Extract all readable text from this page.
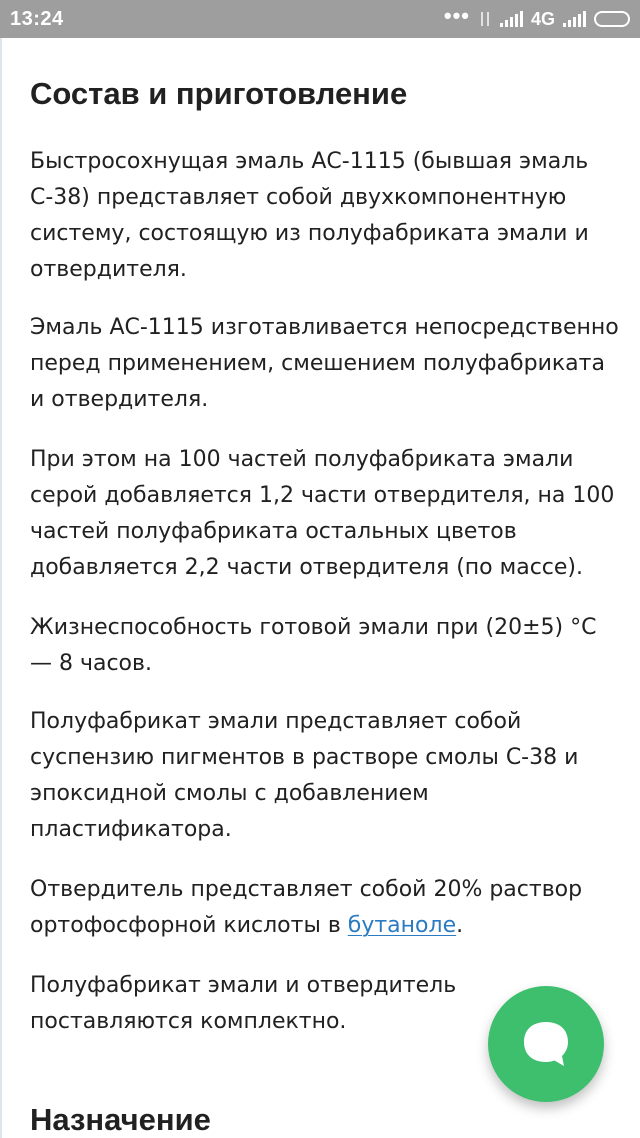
13:24	•••	4G
Состав и приготовление

Быстросохнущая эмаль АС-1115 (бывшая эмаль С-38) представляет собой двухкомпонентную систему, состоящую из полуфабриката эмали и отвердителя.

Эмаль АС-1115 изготавливается непосредственно перед применением, смешением полуфабриката и отвердителя.

При этом на 100 частей полуфабриката эмали серой добавляется 1,2 части отвердителя, на 100 частей полуфабриката остальных цветов добавляется 2,2 части отвердителя (по массе).

Жизнеспособность готовой эмали при (20±5) °С — 8 часов.

Полуфабрикат эмали представляет собой суспензию пигментов в растворе смолы С-38 и эпоксидной смолы с добавлением пластификатора.

Отвердитель представляет собой 20% раствор ортофосфорной кислоты в бутаноле.

Полуфабрикат эмали и отвердитель поставляются комплектно.

Назначение
